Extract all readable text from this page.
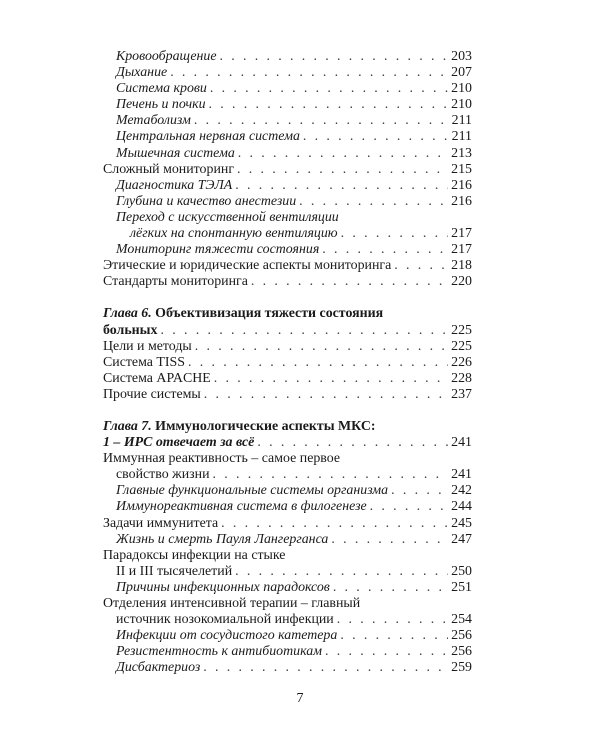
Кровообращение . . .	203
Дыхание . . .	207
Система крови . . .	210
Печень и почки . . .	210
Метаболизм . . .	211
Центральная нервная система . . .	211
Мышечная система . . .	213
Сложный мониторинг . . .	215
Диагностика ТЭЛА . . .	216
Глубина и качество анестезии . . .	216
Переход с искусственной вентиляции
лёгких на спонтанную вентиляцию . . .	217
Мониторинг тяжести состояния . . .	217
Этические и юридические аспекты мониторинга . . .	218
Стандарты мониторинга . . .	220
Глава 6. Объективизация тяжести состояния
больных . . .	225
Цели и методы . . .	225
Система TISS . . .	226
Система APACHE . . .	228
Прочие системы . . .	237
Глава 7. Иммунологические аспекты МКС:
1 – ИРС отвечает за всё . . .	241
Иммунная реактивность – самое первое
свойство жизни . . .	241
Главные функциональные системы организма . . .	242
Иммунореактивная система в филогенезе . . .	244
Задачи иммунитета . . .	245
Жизнь и смерть Пауля Лангерганса . . .	247
Парадоксы инфекции на стыке
II и III тысячелетий . . .	250
Причины инфекционных парадоксов . . .	251
Отделения интенсивной терапии – главный
источник нозокомиальной инфекции . . .	254
Инфекции от сосудистого катетера . . .	256
Резистентность к антибиотикам . . .	256
Дисбактериоз . . .	259
7
